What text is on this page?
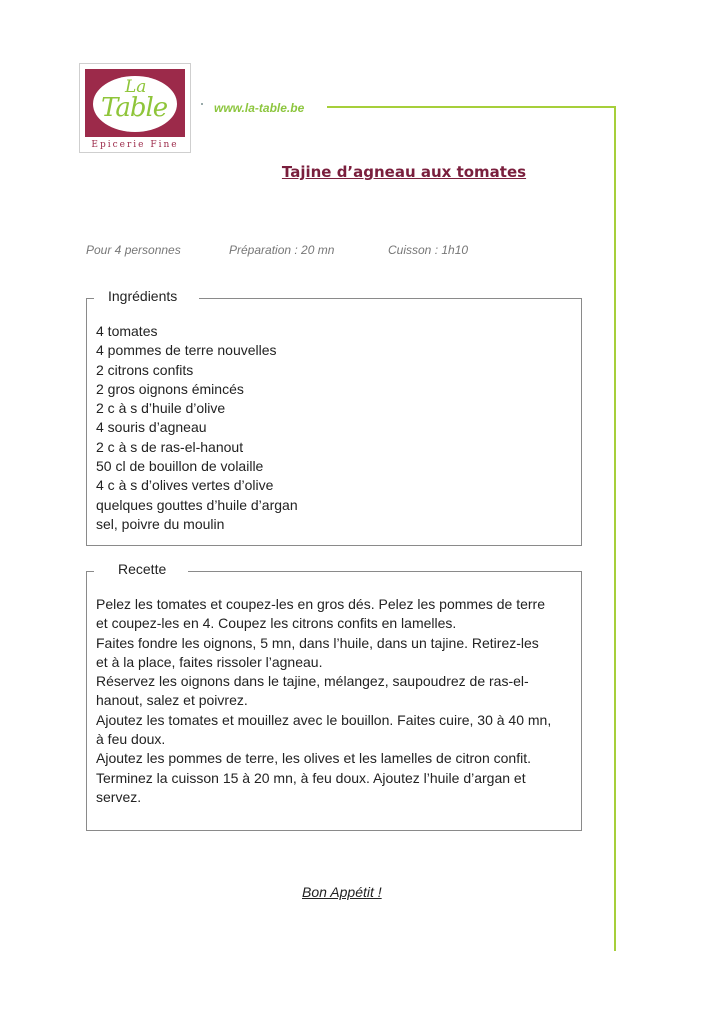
La
Table
Epicerie Fine
www.la-table.be
Tajine d’agneau aux tomates
Pour 4 personnes	Préparation : 20 mn	Cuisson : 1h10
Ingrédients
4 tomates
4 pommes de terre nouvelles
2 citrons confits
2 gros oignons émincés
2 c à s d’huile d’olive
4 souris d’agneau
2 c à s de ras-el-hanout
50 cl de bouillon de volaille
4 c à s d’olives vertes d’olive
quelques gouttes d’huile d’argan
sel, poivre du moulin
Recette
Pelez les tomates et coupez-les en gros dés. Pelez les pommes de terre
et coupez-les en 4. Coupez les citrons confits en lamelles.
Faites fondre les oignons, 5 mn, dans l’huile, dans un tajine. Retirez-les
et à la place, faites rissoler l’agneau.
Réservez les oignons dans le tajine, mélangez, saupoudrez de ras-el-
hanout, salez et poivrez.
Ajoutez les tomates et mouillez avec le bouillon. Faites cuire, 30 à 40 mn,
à feu doux.
Ajoutez les pommes de terre, les olives et les lamelles de citron confit.
Terminez la cuisson 15 à 20 mn, à feu doux. Ajoutez l’huile d’argan et
servez.
Bon Appétit !
